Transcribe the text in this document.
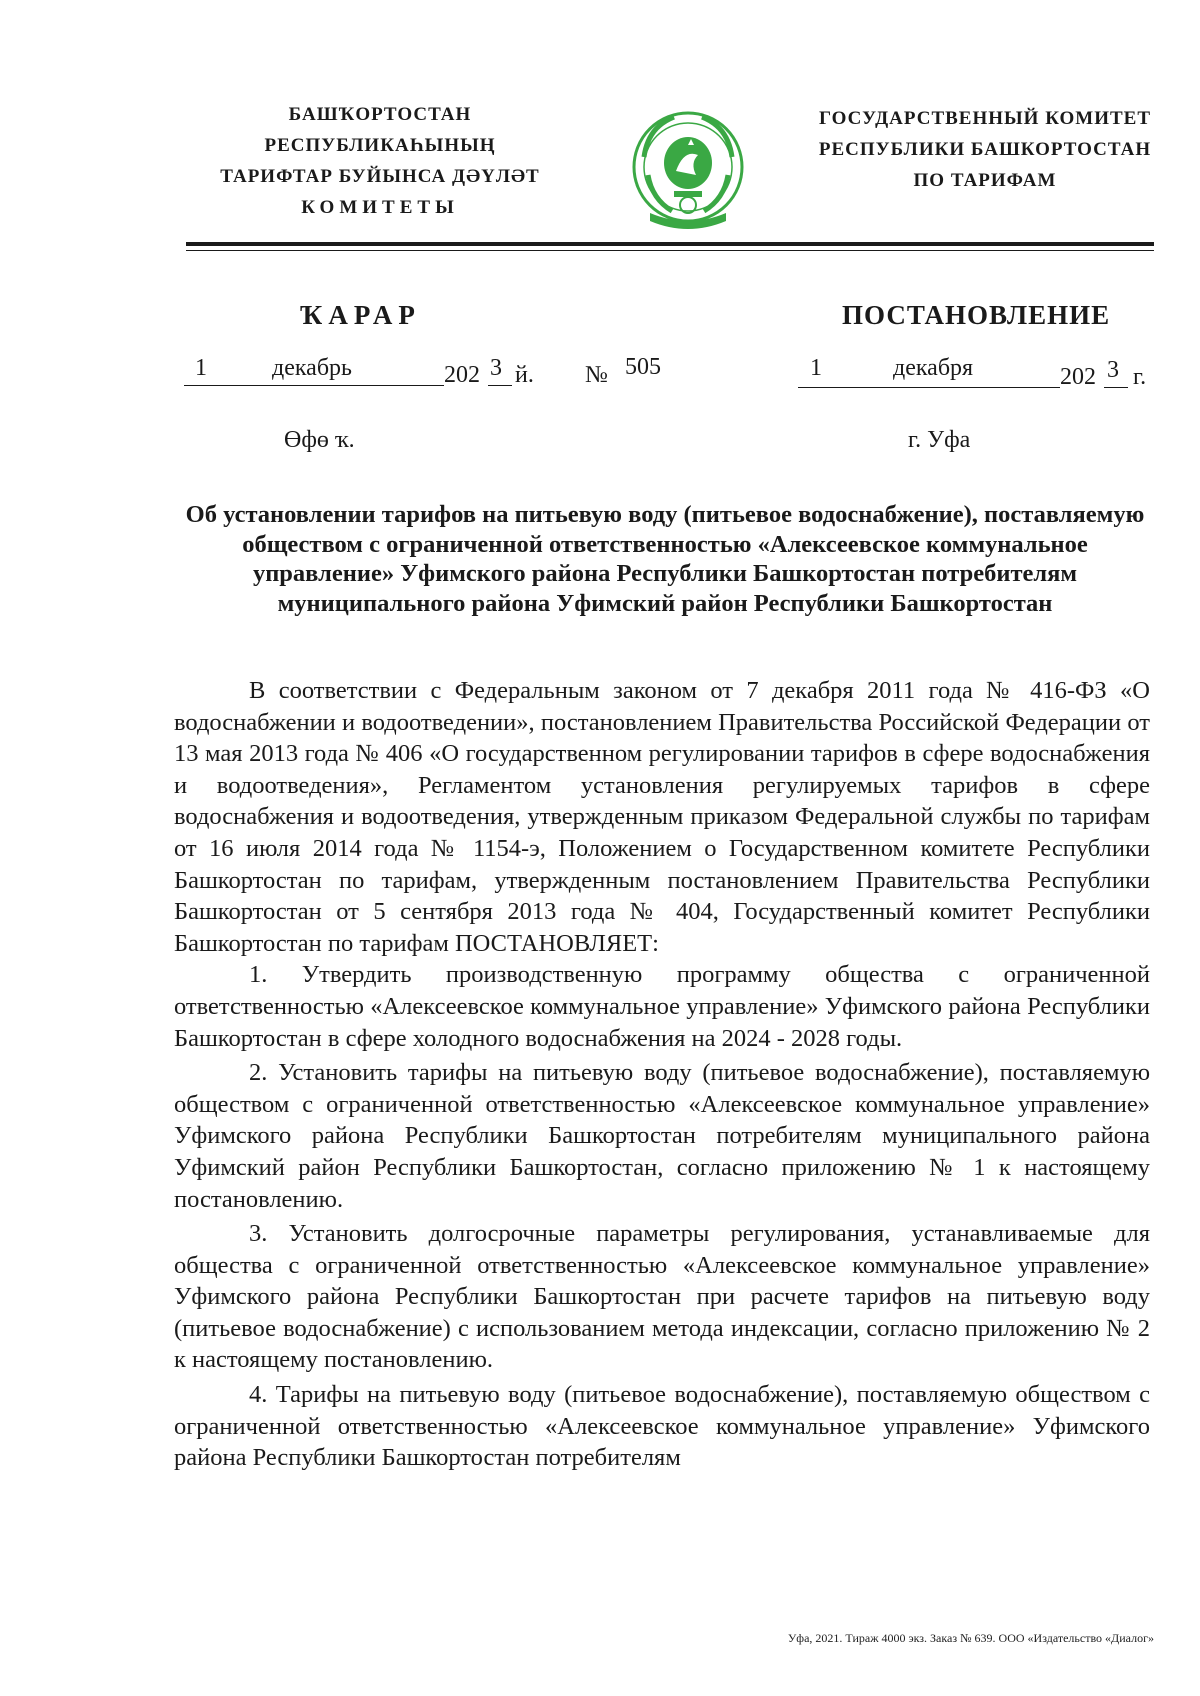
БАШҠОРТОСТАН РЕСПУБЛИКАҺЫНЫҢ
ТАРИФТАР БУЙЫНСА ДӘҮЛӘТ
КОМИТЕТЫ
ГОСУДАРСТВЕННЫЙ КОМИТЕТ
РЕСПУБЛИКИ БАШКОРТОСТАН
ПО ТАРИФАМ
ҠАРАР	ПОСТАНОВЛЕНИЕ
1	декабрь	202 3 й. № 505	1	декабря	202 3 г.
Өфө ҡ.	г. Уфа
Об установлении тарифов на питьевую воду (питьевое водоснабжение), поставляемую обществом с ограниченной ответственностью «Алексеевское коммунальное управление» Уфимского района Республики Башкортостан потребителям муниципального района Уфимский район Республики Башкортостан

В соответствии с Федеральным законом от 7 декабря 2011 года № 416-ФЗ «О водоснабжении и водоотведении», постановлением Правительства Российской Федерации от 13 мая 2013 года № 406 «О государственном регулировании тарифов в сфере водоснабжения и водоотведения», Регламентом установления регулируемых тарифов в сфере водоснабжения и водоотведения, утвержденным приказом Федеральной службы по тарифам от 16 июля 2014 года № 1154-э, Положением о Государственном комитете Республики Башкортостан по тарифам, утвержденным постановлением Правительства Республики Башкортостан от 5 сентября 2013 года № 404, Государственный комитет Республики Башкортостан по тарифам ПОСТАНОВЛЯЕТ:

1. Утвердить производственную программу общества с ограниченной ответственностью «Алексеевское коммунальное управление» Уфимского района Республики Башкортостан в сфере холодного водоснабжения на 2024 - 2028 годы.

2. Установить тарифы на питьевую воду (питьевое водоснабжение), поставляемую обществом с ограниченной ответственностью «Алексеевское коммунальное управление» Уфимского района Республики Башкортостан потребителям муниципального района Уфимский район Республики Башкортостан, согласно приложению № 1 к настоящему постановлению.

3. Установить долгосрочные параметры регулирования, устанавливаемые для общества с ограниченной ответственностью «Алексеевское коммунальное управление» Уфимского района Республики Башкортостан при расчете тарифов на питьевую воду (питьевое водоснабжение) с использованием метода индексации, согласно приложению № 2 к настоящему постановлению.

4. Тарифы на питьевую воду (питьевое водоснабжение), поставляемую обществом с ограниченной ответственностью «Алексеевское коммунальное управление» Уфимского района Республики Башкортостан потребителям

Уфа, 2021. Тираж 4000 экз. Заказ № 639. ООО «Издательство «Диалог»
